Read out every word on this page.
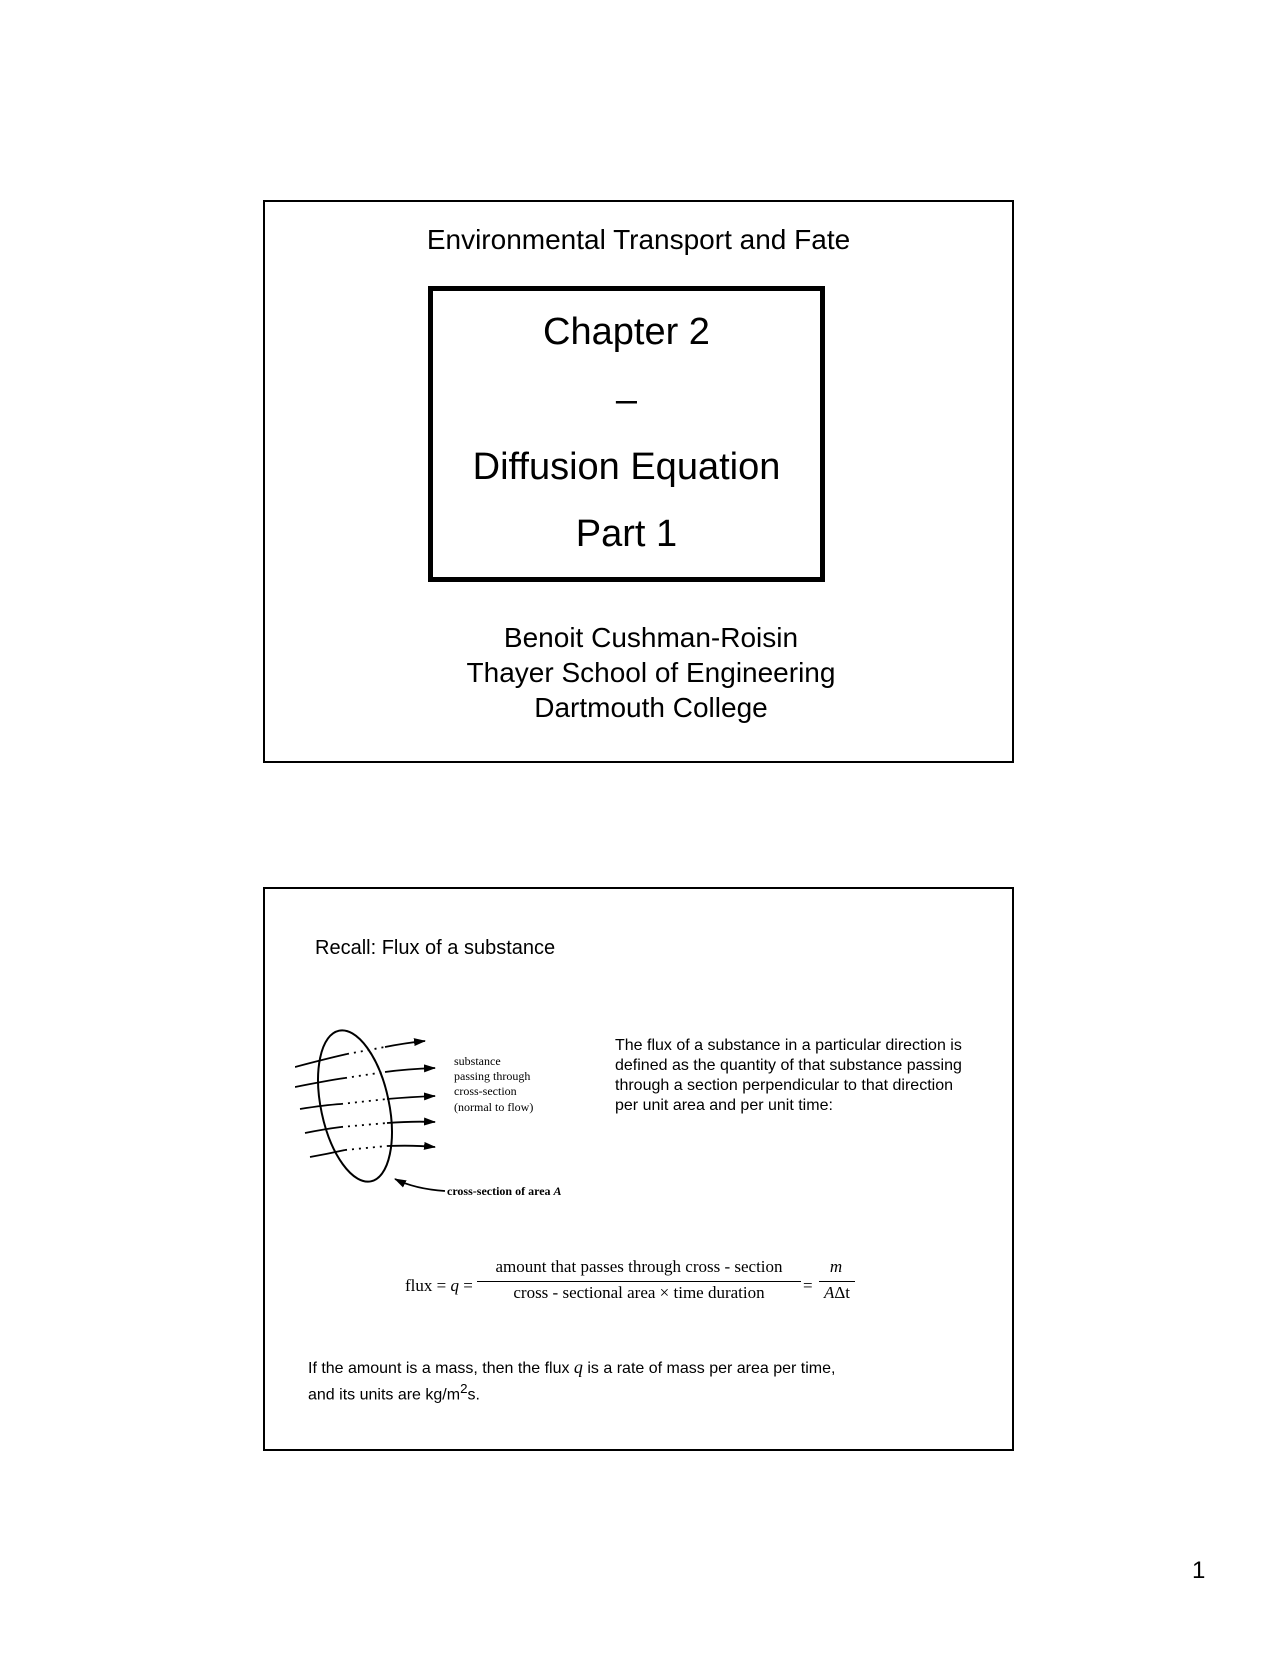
Environmental Transport and Fate
Chapter 2
–
Diffusion Equation
Part 1
Benoit Cushman-Roisin
Thayer School of Engineering
Dartmouth College
Recall: Flux of a substance
substance
passing through
cross-section
(normal to flow)
cross-section of area A
The flux of a substance in a particular direction is defined as the quantity of that substance passing through a section perpendicular to that direction per unit area and per unit time:
flux = q =
amount that passes through cross - section
cross - sectional area × time duration	=
m
AΔt
If the amount is a mass, then the flux q is a rate of mass per area per time,
and its units are $kg/m^2s$.
1
